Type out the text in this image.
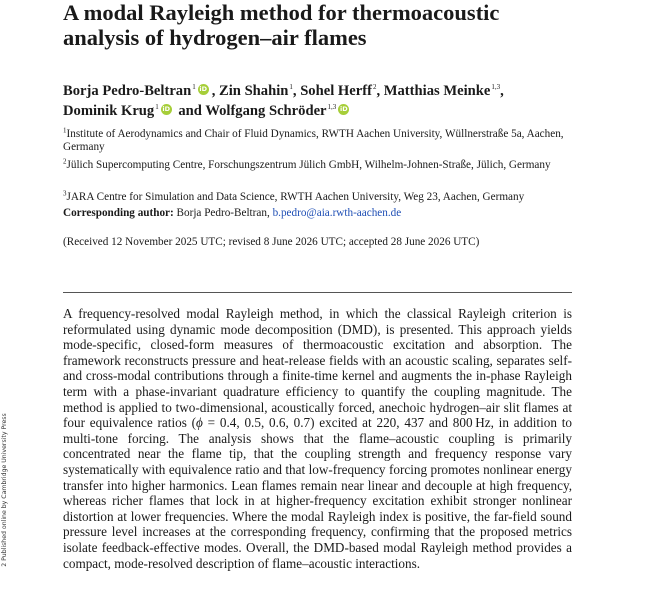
A modal Rayleigh method for thermoacoustic
analysis of hydrogen–air flames
Borja Pedro-Beltran$^1$ iD , Zin Shahin$^1$, Sohel Herff$^2$, Matthias Meinke$^{1,3}$,
Dominik Krug$^1$ iD and Wolfgang Schröder$^{1,3}$ iD

$^1$Institute of Aerodynamics and Chair of Fluid Dynamics, RWTH Aachen University, Wüllnerstraße 5a, Aachen, Germany

$^2$Jülich Supercomputing Centre, Forschungszentrum Jülich GmbH, Wilhelm-Johnen-Straße, Jülich, Germany

$^3$JARA Centre for Simulation and Data Science, RWTH Aachen University, Weg 23, Aachen, Germany

Corresponding author: Borja Pedro-Beltran, b.pedro@aia.rwth-aachen.de

(Received 12 November 2025 UTC; revised 8 June 2026 UTC; accepted 28 June 2026 UTC)

A frequency-resolved modal Rayleigh method, in which the classical Rayleigh criterion is reformulated using dynamic mode decomposition (DMD), is presented. This approach yields mode-specific, closed-form measures of thermoacoustic excitation and absorption. The framework reconstructs pressure and heat-release fields with an acoustic scaling, separates self- and cross-modal contributions through a finite-time kernel and augments the in-phase Rayleigh term with a phase-invariant quadrature efficiency to quantify the coupling magnitude. The method is applied to two-dimensional, acoustically forced, anechoic hydrogen–air slit flames at four equivalence ratios (ϕ = 0.4, 0.5, 0.6, 0.7) excited at 220, 437 and 800 Hz, in addition to multi-tone forcing. The analysis shows that the flame–acoustic coupling is primarily concentrated near the flame tip, that the coupling strength and frequency response vary systematically with equivalence ratio and that low-frequency forcing promotes nonlinear energy transfer into higher harmonics. Lean flames remain near linear and decouple at high frequency, whereas richer flames that lock in at higher-frequency excitation exhibit stronger nonlinear distortion at lower frequencies. Where the modal Rayleigh index is positive, the far-field sound pressure level increases at the corresponding frequency, confirming that the proposed metrics isolate feedback-effective modes. Overall, the DMD-based modal Rayleigh method provides a compact, mode-resolved description of flame–acoustic interactions.

2 Published online by Cambridge University Press
